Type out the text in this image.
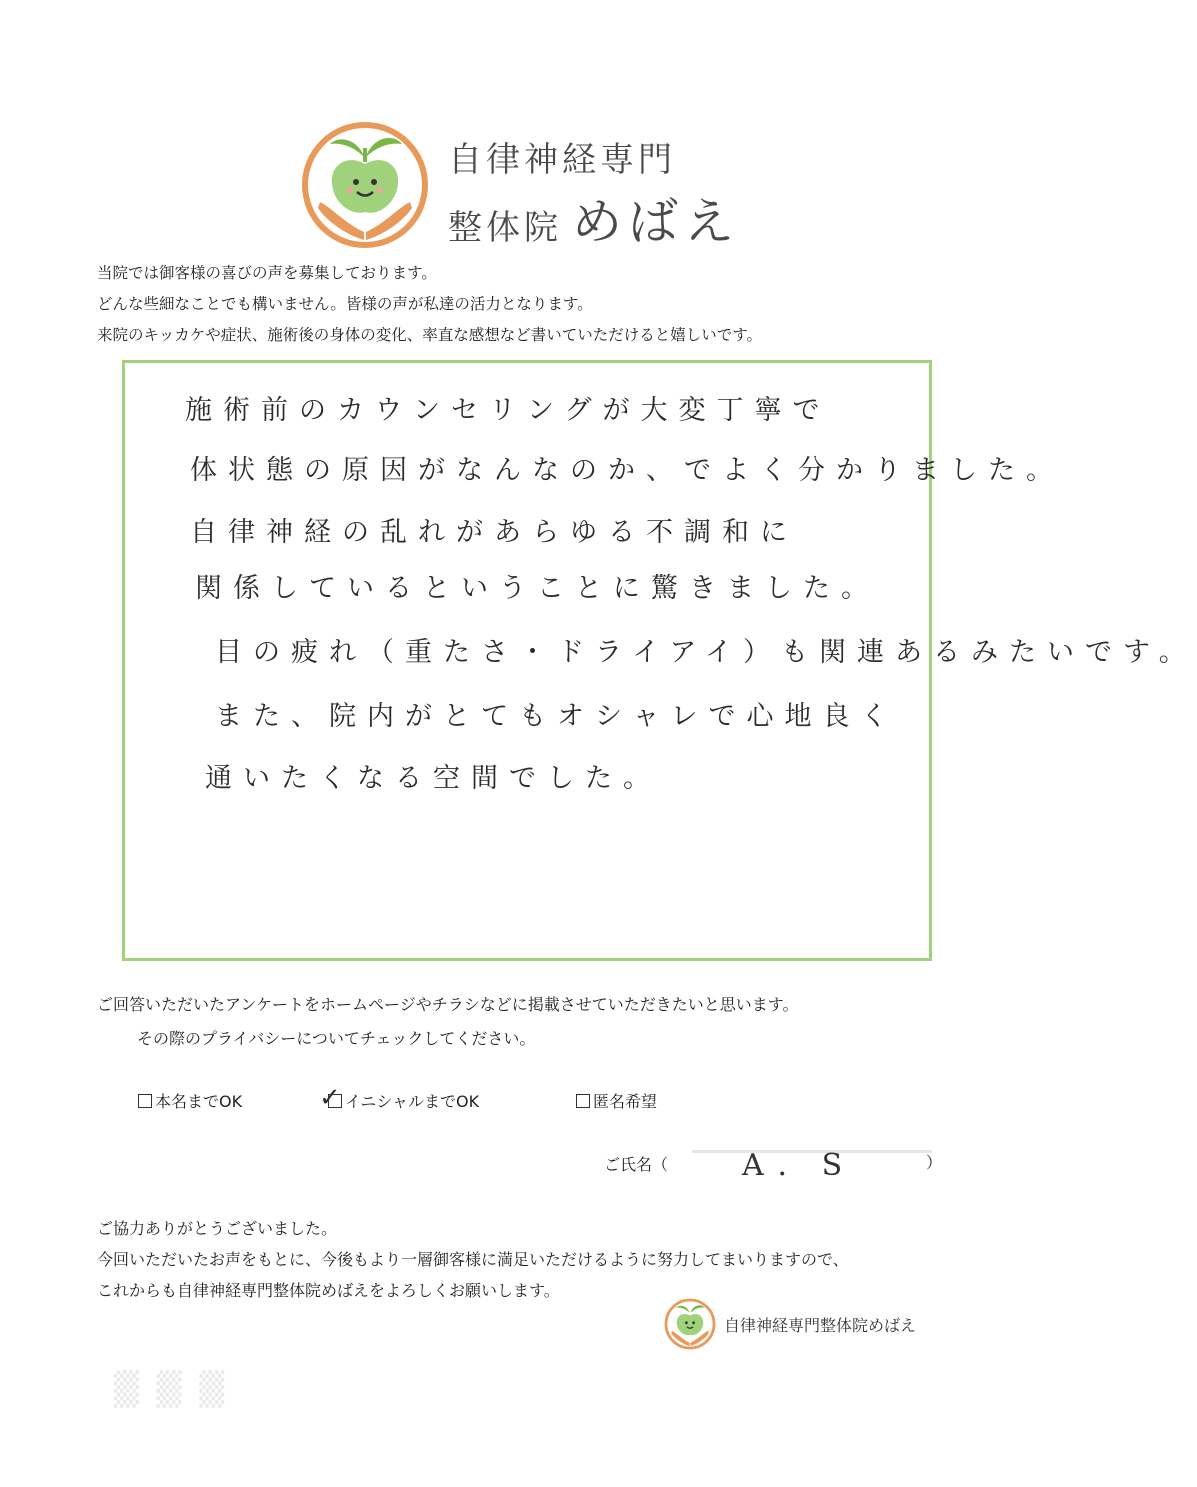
自律神経専門
整体院 めばえ
当院では御客様の喜びの声を募集しております。
どんな些細なことでも構いません。皆様の声が私達の活力となります。
来院のキッカケや症状、施術後の身体の変化、率直な感想など書いていただけると嬉しいです。
施術前のカウンセリングが大変丁寧で
体状態の原因がなんなのか、でよく分かりました。
自律神経の乱れがあらゆる不調和に
関係しているということに驚きました。
目の疲れ（重たさ・ドライアイ）も関連あるみたいです。
また、院内がとてもオシャレで心地良く
通いたくなる空間でした。
ご回答いただいたアンケートをホームページやチラシなどに掲載させていただきたいと思います。
その際のプライバシーについてチェックしてください。
本名までOK	✓ イニシャルまでOK	匿名希望
ご氏名（ A．S	）
ご協力ありがとうございました。
今回いただいたお声をもとに、今後もより一層御客様に満足いただけるように努力してまいりますので、
これからも自律神経専門整体院めばえをよろしくお願いします。
自律神経専門整体院めばえ
▒ ▒ ▒
